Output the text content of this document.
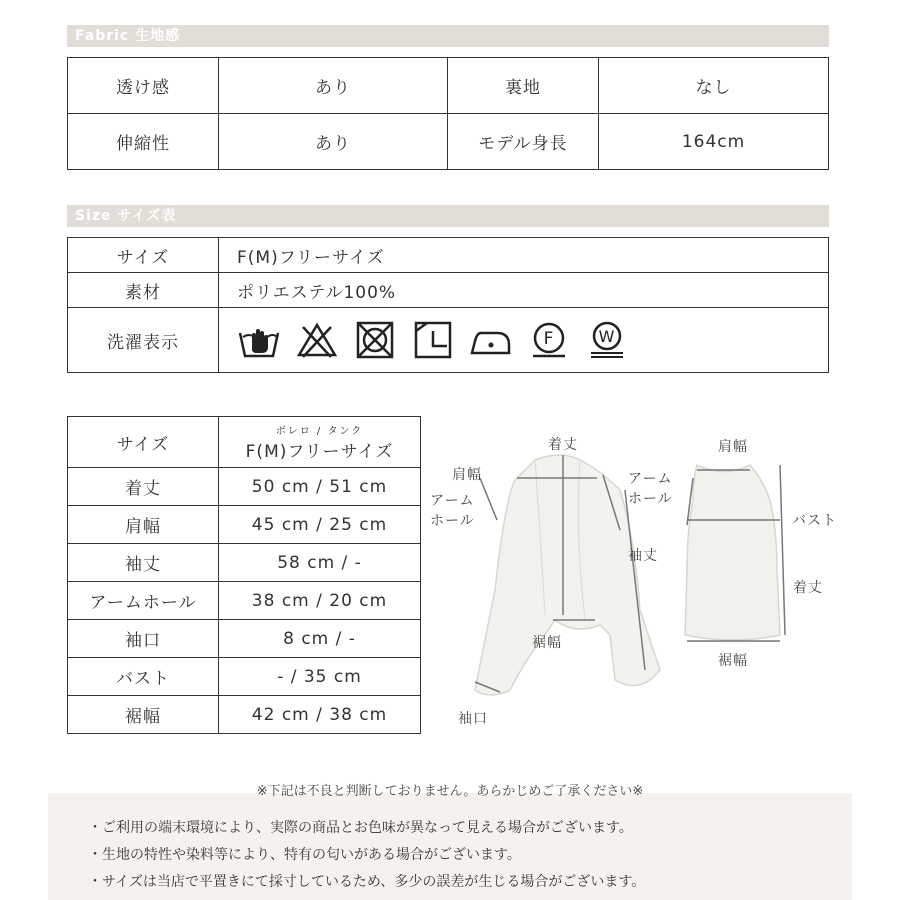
Fabric 生地感
透け感	あり	裏地	なし
伸縮性	あり	モデル身長	164cm
Size サイズ表
サイズ	F(M)フリーサイズ
素材	ポリエステル100%
洗濯表示	F W
サイズ	ボレロ / タンク
F(M)フリーサイズ
着丈	50 cm / 51 cm
肩幅	45 cm / 25 cm
袖丈	58 cm / -
アームホール	38 cm / 20 cm
袖口	8 cm / -
バスト	- / 35 cm
裾幅	42 cm / 38 cm
着丈
肩幅
アーム
ホール
袖丈
裾幅
袖口
肩幅
アーム
ホール
バスト
着丈
裾幅
・ご利用の端末環境により、実際の商品とお色味が異なって見える場合がございます。
・生地の特性や染料等により、特有の匂いがある場合がございます。
・サイズは当店で平置きにて採寸しているため、多少の誤差が生じる場合がございます。
※下記は不良と判断しておりません。あらかじめご了承ください※
